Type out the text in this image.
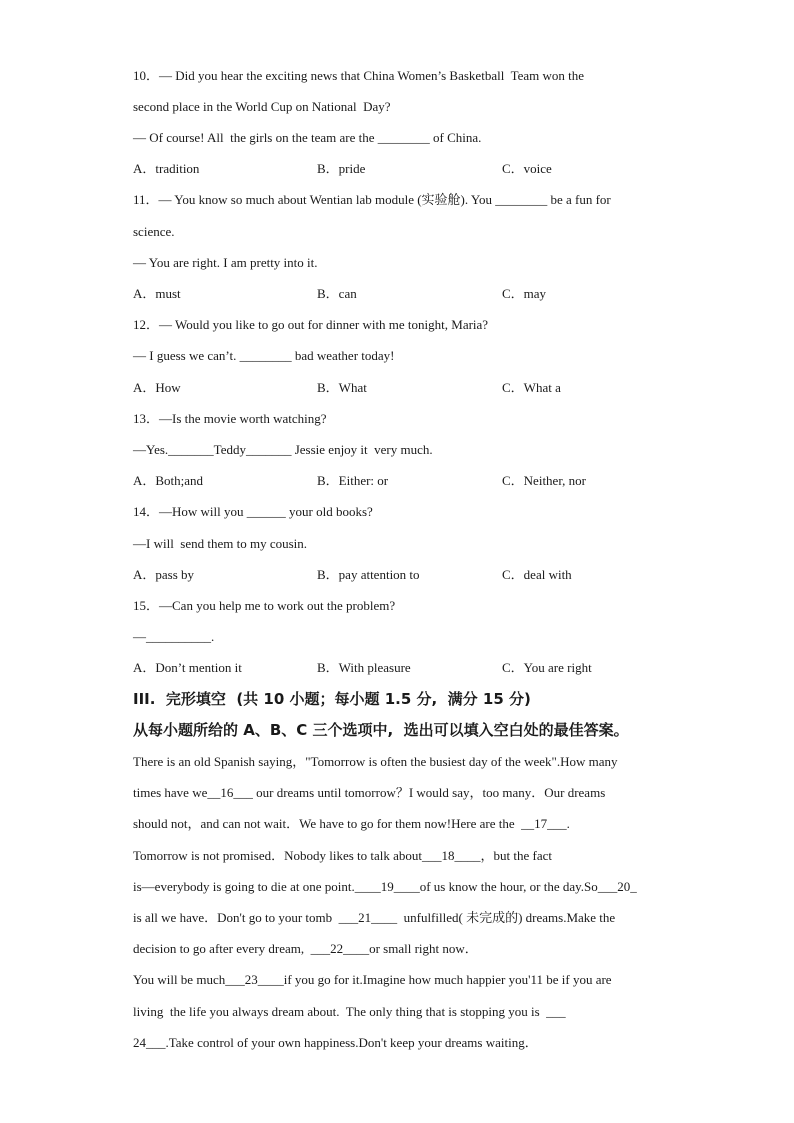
10．— Did you hear the exciting news that China Women’s Basketball  Team won the
second place in the World Cup on National  Day?
— Of course! All  the girls on the team are the ________ of China.
A．tradition	B．pride	C．voice
11．— You know so much about Wentian lab module (实验舱). You ________ be a fun for
science.
— You are right. I am pretty into it.
A．must	B．can	C．may
12．— Would you like to go out for dinner with me tonight, Maria?
— I guess we can’t. ________ bad weather today!
A．How	B．What	C．What a
13．—Is the movie worth watching?
—Yes._______Teddy_______ Jessie enjoy it  very much.
A．Both;and	B．Either: or	C．Neither, nor
14．—How will you ______ your old books?
—I will  send them to my cousin.
A．pass by	B．pay attention to	C．deal with
15．—Can you help me to work out the problem?
—__________.
A．Don’t mention it	B．With pleasure	C．You are right
III.  完形填空  (共 10 小题；每小题 1.5 分,  满分 15 分)
从每小题所给的 A、B、C 三个选项中,  选出可以填入空白处的最佳答案。
There is an old Spanish saying，"Tomorrow is often the busiest day of the week".How many
times have we__16___ our dreams until tomorrow？I would say，too many．Our dreams
should not，and can not wait．We have to go for them now!Here are the  __17___.
Tomorrow is not promised．Nobody likes to talk about___18____，but the fact
is—everybody is going to die at one point.____19____of us know the hour, or the day.So___20_
is all we have．Don't go to your tomb  ___21____  unfulfilled( 未完成的) dreams.Make the
decision to go after every dream,  ___22____or small right now．
You will be much___23____if you go for it.Imagine how much happier you'11 be if you are
living  the life you always dream about.  The only thing that is stopping you is  ___
24___.Take control of your own happiness.Don't keep your dreams waiting．
